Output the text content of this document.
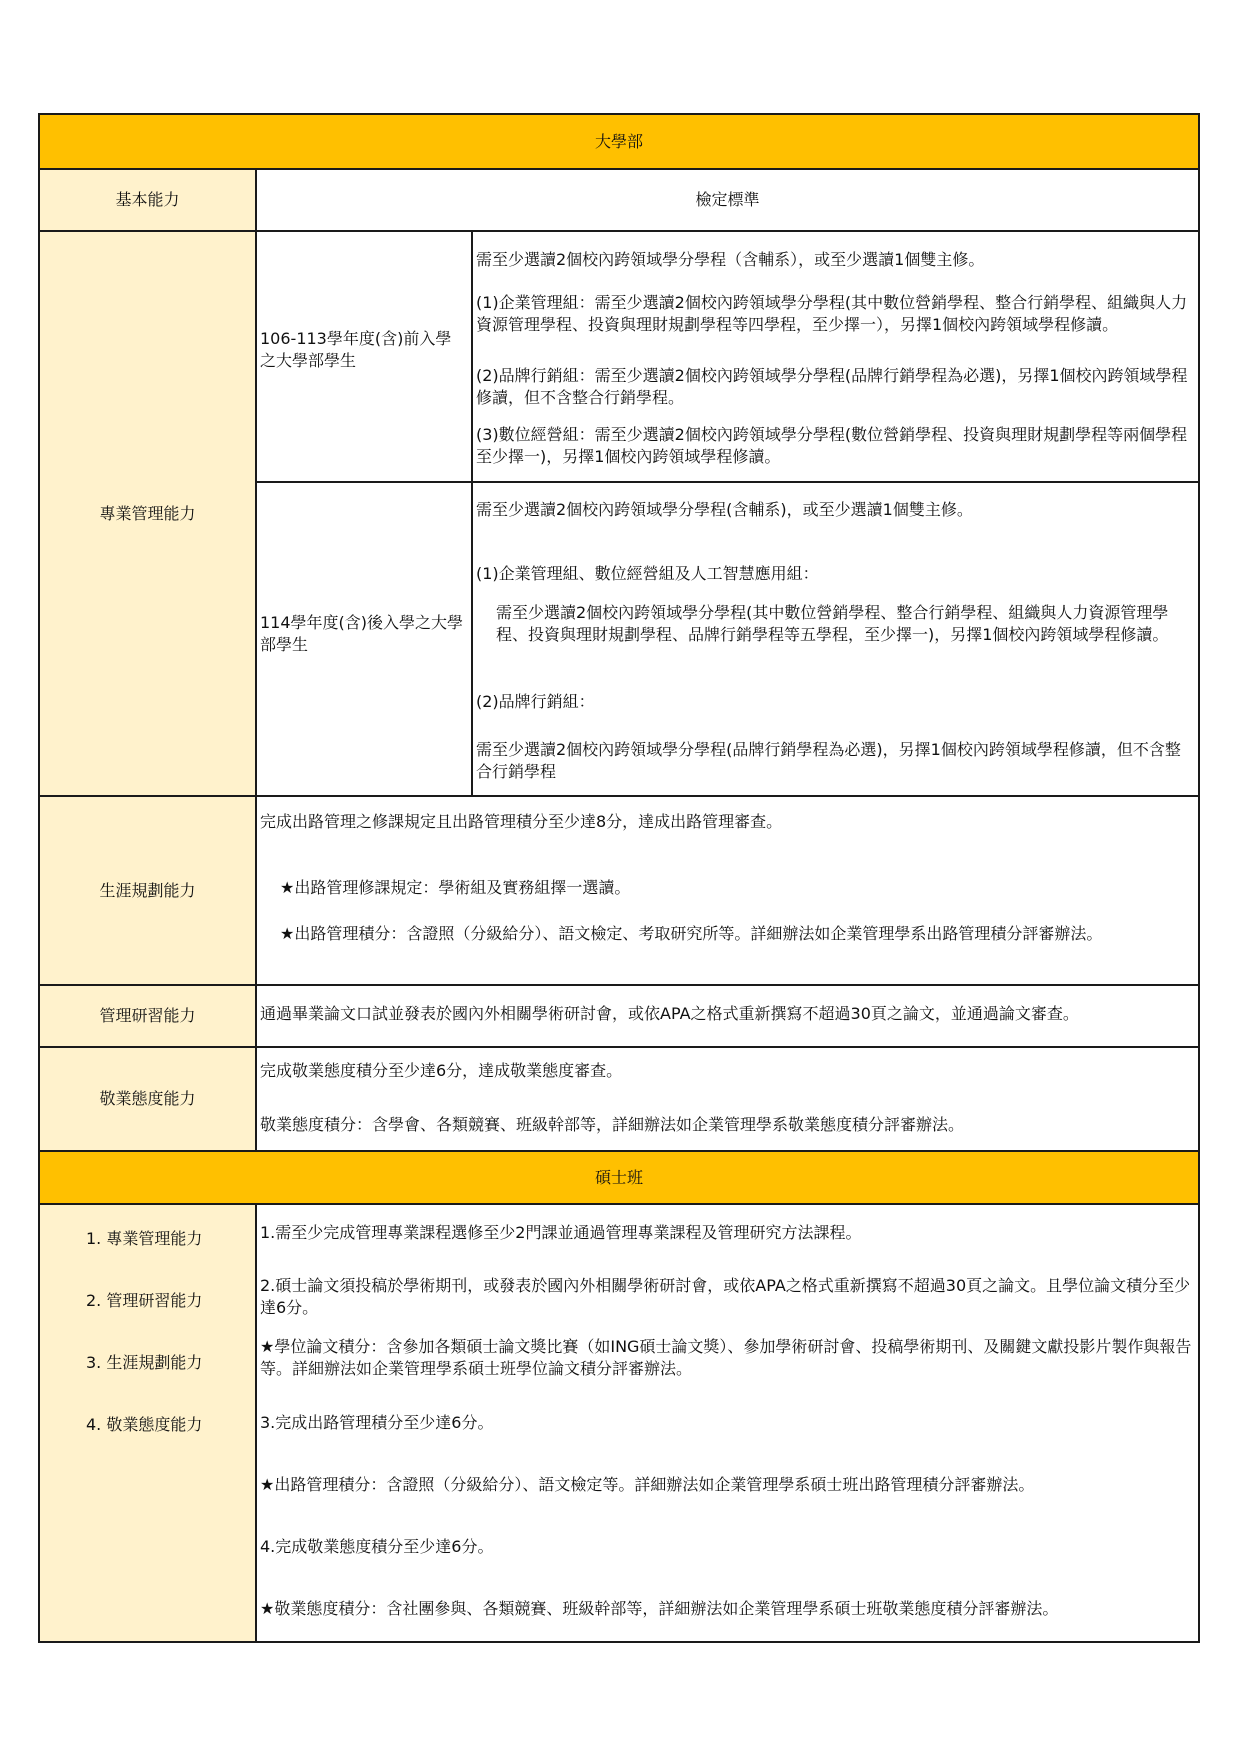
大學部
基本能力	檢定標準
專業管理能力
106-113學年度(含)前入學之大學部學生
需至少選讀2個校內跨領域學分學程（含輔系），或至少選讀1個雙主修。
(1)企業管理組：需至少選讀2個校內跨領域學分學程(其中數位營銷學程、整合行銷學程、組織與人力資源管理學程、投資與理財規劃學程等四學程，至少擇一），另擇1個校內跨領域學程修讀。
(2)品牌行銷組：需至少選讀2個校內跨領域學分學程(品牌行銷學程為必選)，另擇1個校內跨領域學程修讀，但不含整合行銷學程。
(3)數位經營組：需至少選讀2個校內跨領域學分學程(數位營銷學程、投資與理財規劃學程等兩個學程至少擇一)，另擇1個校內跨領域學程修讀。
114學年度(含)後入學之大學部學生
需至少選讀2個校內跨領域學分學程(含輔系)，或至少選讀1個雙主修。
(1)企業管理組、數位經營組及人工智慧應用組：
需至少選讀2個校內跨領域學分學程(其中數位營銷學程、整合行銷學程、組織與人力資源管理學程、投資與理財規劃學程、品牌行銷學程等五學程，至少擇一)，另擇1個校內跨領域學程修讀。
(2)品牌行銷組：
需至少選讀2個校內跨領域學分學程(品牌行銷學程為必選)，另擇1個校內跨領域學程修讀，但不含整合行銷學程
生涯規劃能力
完成出路管理之修課規定且出路管理積分至少達8分，達成出路管理審查。
★出路管理修課規定：學術組及實務組擇一選讀。
★出路管理積分：含證照（分級給分）、語文檢定、考取研究所等。詳細辦法如企業管理學系出路管理積分評審辦法。
管理研習能力	通過畢業論文口試並發表於國內外相關學術研討會，或依APA之格式重新撰寫不超過30頁之論文，並通過論文審查。
敬業態度能力
完成敬業態度積分至少達6分，達成敬業態度審查。
敬業態度積分：含學會、各類競賽、班級幹部等，詳細辦法如企業管理學系敬業態度積分評審辦法。
碩士班
1. 專業管理能力
2. 管理研習能力
3. 生涯規劃能力
4. 敬業態度能力
1.需至少完成管理專業課程選修至少2門課並通過管理專業課程及管理研究方法課程。
2.碩士論文須投稿於學術期刊，或發表於國內外相關學術研討會，或依APA之格式重新撰寫不超過30頁之論文。且學位論文積分至少達6分。
★學位論文積分：含參加各類碩士論文獎比賽（如ING碩士論文獎）、參加學術研討會、投稿學術期刊、及關鍵文獻投影片製作與報告等。詳細辦法如企業管理學系碩士班學位論文積分評審辦法。
3.完成出路管理積分至少達6分。
★出路管理積分：含證照（分級給分）、語文檢定等。詳細辦法如企業管理學系碩士班出路管理積分評審辦法。
4.完成敬業態度積分至少達6分。
★敬業態度積分：含社團參與、各類競賽、班級幹部等，詳細辦法如企業管理學系碩士班敬業態度積分評審辦法。
